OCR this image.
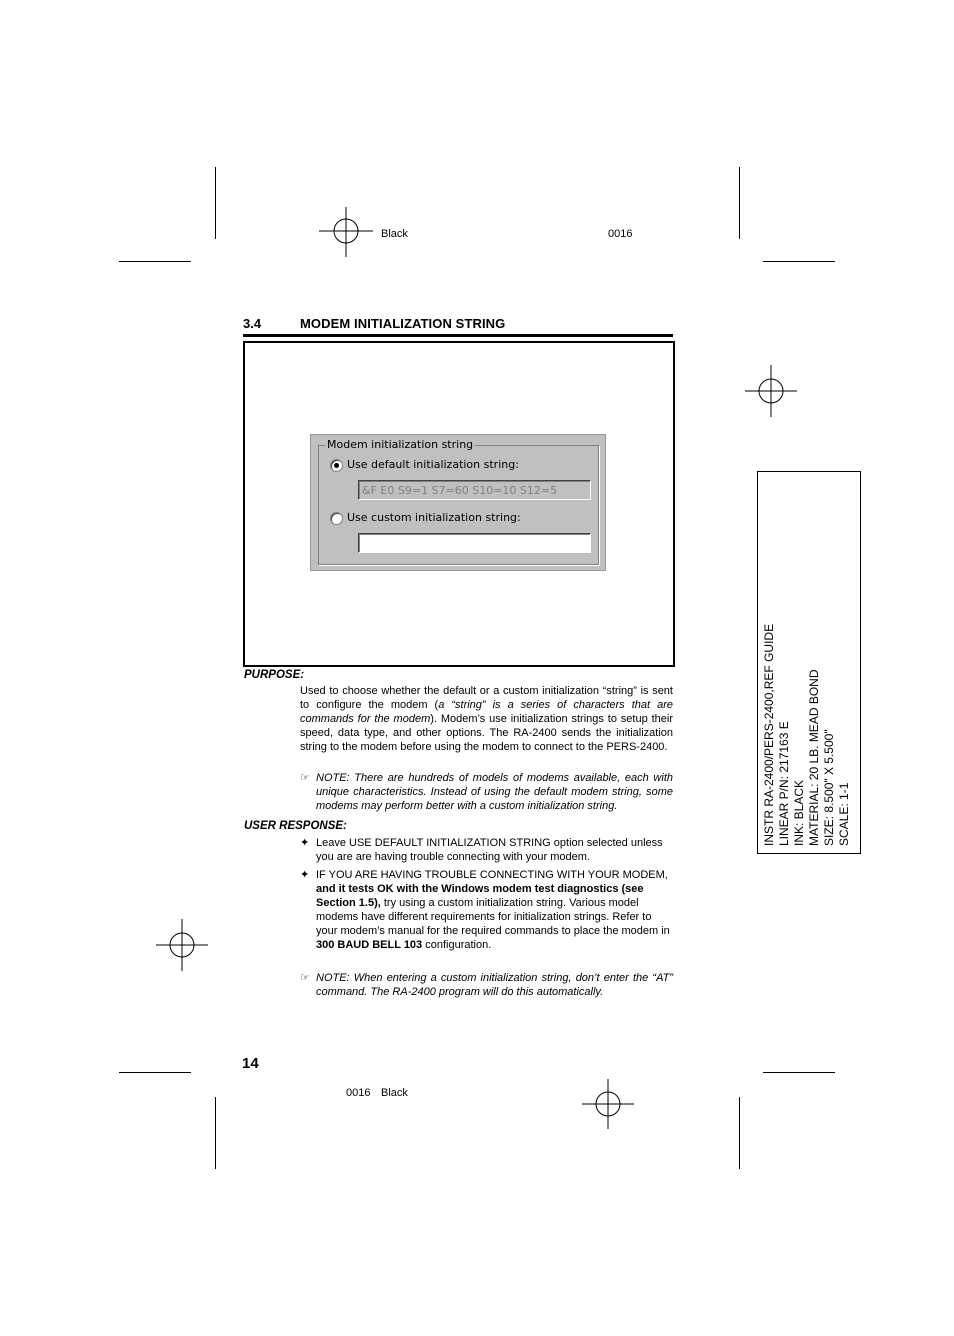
Black	0016
3.4	MODEM INITIALIZATION STRING
Modem initialization string
Use default initialization string:
&F E0 S9=1 S7=60 S10=10 S12=5
Use custom initialization string:
PURPOSE:
Used to choose whether the default or a custom initialization “string” is sent to configure the modem (a “string” is a series of characters that are commands for the modem). Modem’s use initialization strings to setup their speed, data type, and other options. The RA-2400 sends the initialization string to the modem before using the modem to connect to the PERS-2400.
☞ NOTE: There are hundreds of models of modems available, each with unique characteristics. Instead of using the default modem string, some modems may perform better with a custom initialization string.
USER RESPONSE:
✦ Leave USE DEFAULT INITIALIZATION STRING option selected unless you are are having trouble connecting with your modem.
✦ IF YOU ARE HAVING TROUBLE CONNECTING WITH YOUR MODEM, and it tests OK with the Windows modem test diagnostics (see Section 1.5), try using a custom initialization string. Various model modems have different requirements for initialization strings. Refer to your modem’s manual for the required commands to place the modem in 300 BAUD BELL 103 configuration.
☞ NOTE: When entering a custom initialization string, don’t enter the “AT” command. The RA-2400 program will do this automatically.
14
0016 Black
INSTR RA-2400/PERS-2400,REF GUIDE LINEAR P/N: 217163 E INK: BLACK MATERIAL: 20 LB. MEAD BOND SIZE: 8.500" X 5.500" SCALE: 1-1
